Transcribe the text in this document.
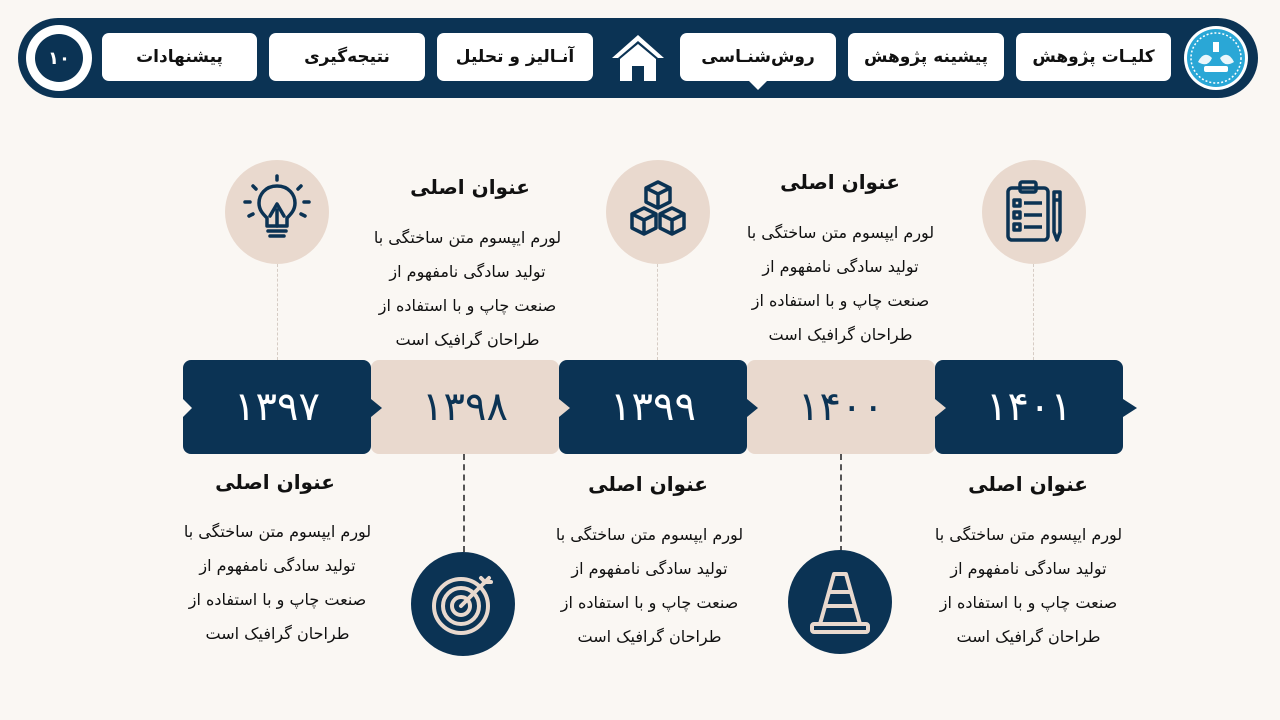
۱۰	پیشنهادات	نتیجه‌گیری	آنـالیز و تحلیل	روش‌شنـاسی	پیشینه پژوهش	کلیـات پژوهش
۱۳۹۷	۱۳۹۸	۱۳۹۹	۱۴۰۰	۱۴۰۱
عنوان اصلی
لورم ایپسوم متن ساختگی با
تولید سادگی نامفهوم از
صنعت چاپ و با استفاده از
طراحان گرافیک است
عنوان اصلی
لورم ایپسوم متن ساختگی با
تولید سادگی نامفهوم از
صنعت چاپ و با استفاده از
طراحان گرافیک است
عنوان اصلی
لورم ایپسوم متن ساختگی با
تولید سادگی نامفهوم از
صنعت چاپ و با استفاده از
طراحان گرافیک است
عنوان اصلی
لورم ایپسوم متن ساختگی با
تولید سادگی نامفهوم از
صنعت چاپ و با استفاده از
طراحان گرافیک است
عنوان اصلی
لورم ایپسوم متن ساختگی با
تولید سادگی نامفهوم از
صنعت چاپ و با استفاده از
طراحان گرافیک است
